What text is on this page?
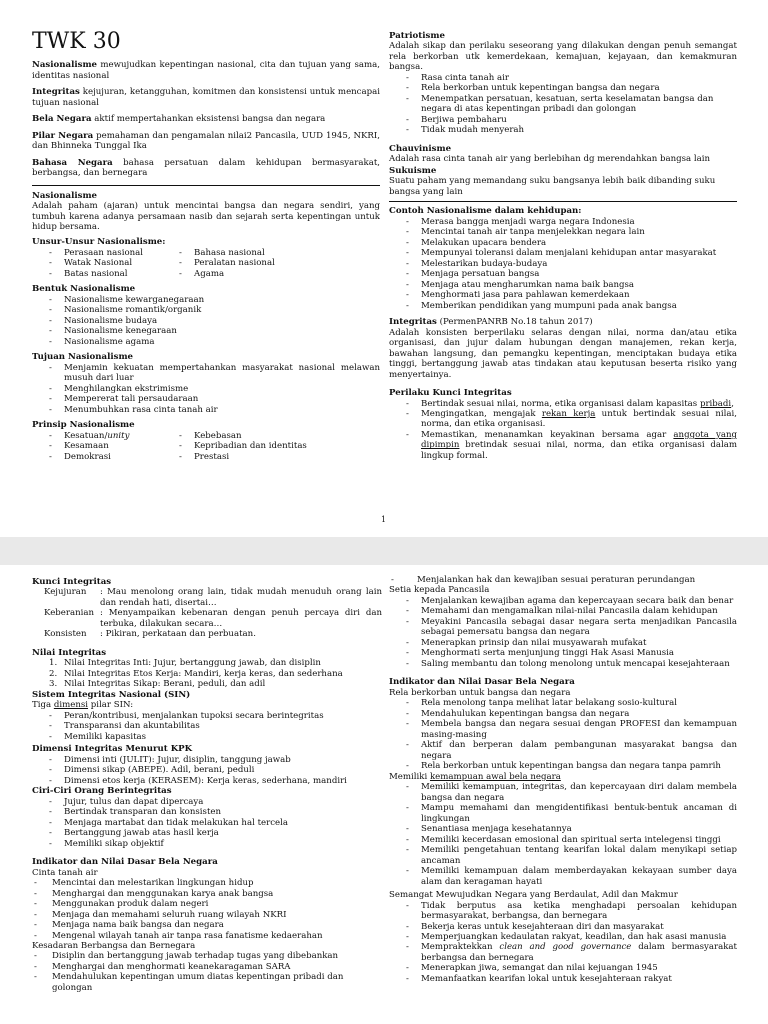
TWK 30

Nasionalisme mewujudkan kepentingan nasional, cita dan tujuan yang sama, identitas nasional

Integritas kejujuran, ketangguhan, komitmen dan konsistensi untuk mencapai tujuan nasional

Bela Negara aktif mempertahankan eksistensi bangsa dan negara

Pilar Negara pemahaman dan pengamalan nilai2 Pancasila, UUD 1945, NKRI, dan Bhinneka Tunggal Ika

Bahasa Negara bahasa persatuan dalam kehidupan bermasyarakat, berbangsa, dan bernegara

Nasionalisme
Adalah paham (ajaran) untuk mencintai bangsa dan negara sendiri, yang tumbuh karena adanya persamaan nasib dan sejarah serta kepentingan untuk hidup bersama.
Unsur-Unsur Nasionalisme:
- Perasaan nasional
- Watak Nasional
- Batas nasional
- Bahasa nasional
- Peralatan nasional
- Agama
Bentuk Nasionalisme
- Nasionalisme kewarganegaraan
- Nasionalisme romantik/organik
- Nasionalisme budaya
- Nasionalisme kenegaraan
- Nasionalisme agama
Tujuan Nasionalisme
- Menjamin kekuatan mempertahankan masyarakat nasional melawan musuh dari luar
- Menghilangkan ekstrimisme
- Mempererat tali persaudaraan
- Menumbuhkan rasa cinta tanah air
Prinsip Nasionalisme
- Kesatuan/unity
- Kesamaan
- Demokrasi
- Kebebasan
- Kepribadian dan identitas
- Prestasi
Patriotisme
Adalah sikap dan perilaku seseorang yang dilakukan dengan penuh semangat rela berkorban utk kemerdekaan, kemajuan, kejayaan, dan kemakmuran bangsa.
- Rasa cinta tanah air
- Rela berkorban untuk kepentingan bangsa dan negara
- Menempatkan persatuan, kesatuan, serta keselamatan bangsa dan negara di atas kepentingan pribadi dan golongan
- Berjiwa pembaharu
- Tidak mudah menyerah
Chauvinisme
Adalah rasa cinta tanah air yang berlebihan dg merendahkan bangsa lain
Sukuisme
Suatu paham yang memandang suku bangsanya lebih baik dibanding suku bangsa yang lain
Contoh Nasionalisme dalam kehidupan:
- Merasa bangga menjadi warga negara Indonesia
- Mencintai tanah air tanpa menjelekkan negara lain
- Melakukan upacara bendera
- Mempunyai toleransi dalam menjalani kehidupan antar masyarakat
- Melestarikan budaya-budaya
- Menjaga persatuan bangsa
- Menjaga atau mengharumkan nama baik bangsa
- Menghormati jasa para pahlawan kemerdekaan
- Memberikan pendidikan yang mumpuni pada anak bangsa
Integritas (PermenPANRB No.18 tahun 2017)
Adalah konsisten berperilaku selaras dengan nilai, norma dan/atau etika organisasi, dan jujur dalam hubungan dengan manajemen, rekan kerja, bawahan langsung, dan pemangku kepentingan, menciptakan budaya etika tinggi, bertanggung jawab atas tindakan atau keputusan beserta risiko yang menyertainya.
Perilaku Kunci Integritas
- Bertindak sesuai nilai, norma, etika organisasi dalam kapasitas pribadi,
- Mengingatkan, mengajak rekan kerja untuk bertindak sesuai nilai, norma, dan etika organisasi.
- Memastikan, menanamkan keyakinan bersama agar anggota yang dipimpin bretindak sesuai nilai, norma, dan etika organisasi dalam lingkup formal.
1
Kunci Integritas
Kejujuran	: Mau menolong orang lain, tidak mudah menuduh orang lain dan rendah hati, disertai…
Keberanian : Menyampaikan kebenaran dengan penuh percaya diri dan terbuka, dilakukan secara…
Konsisten	: Pikiran, perkataan dan perbuatan.
Nilai Integritas
1. Nilai Integritas Inti: Jujur, bertanggung jawab, dan disiplin
2. Nilai Integritas Etos Kerja: Mandiri, kerja keras, dan sederhana
3. Nilai Integritas Sikap: Berani, peduli, dan adil
Sistem Integritas Nasional (SIN)
Tiga dimensi pilar SIN:
- Peran/kontribusi, menjalankan tupoksi secara berintegritas
- Transparansi dan akuntabilitas
- Memiliki kapasitas
Dimensi Integritas Menurut KPK
- Dimensi inti (JULIT): Jujur, disiplin, tanggung jawab
- Dimensi sikap (ABEPE). Adil, berani, peduli
- Dimensi etos kerja (KERASEM): Kerja keras, sederhana, mandiri
Ciri-Ciri Orang Berintegritas
- Jujur, tulus dan dapat dipercaya
- Bertindak transparan dan konsisten
- Menjaga martabat dan tidak melakukan hal tercela
- Bertanggung jawab atas hasil kerja
- Memiliki sikap objektif
Indikator dan Nilai Dasar Bela Negara
Cinta tanah air
- Mencintai dan melestarikan lingkungan hidup
- Menghargai dan menggunakan karya anak bangsa
- Menggunakan produk dalam negeri
- Menjaga dan memahami seluruh ruang wilayah NKRI
- Menjaga nama baik bangsa dan negara
- Mengenal wilayah tanah air tanpa rasa fanatisme kedaerahan
Kesadaran Berbangsa dan Bernegara
- Disiplin dan bertanggung jawab terhadap tugas yang dibebankan
- Menghargai dan menghormati keanekaragaman SARA
- Mendahulukan kepentingan umum diatas kepentingan pribadi dan golongan
- Menjalankan hak dan kewajiban sesuai peraturan perundangan
Setia kepada Pancasila
- Menjalankan kewajiban agama dan kepercayaan secara baik dan benar
- Memahami dan mengamalkan nilai-nilai Pancasila dalam kehidupan
- Meyakini Pancasila sebagai dasar negara serta menjadikan Pancasila sebagai pemersatu bangsa dan negara
- Menerapkan prinsip dan nilai musyawarah mufakat
- Menghormati serta menjunjung tinggi Hak Asasi Manusia
- Saling membantu dan tolong menolong untuk mencapai kesejahteraan
Indikator dan Nilai Dasar Bela Negara
Rela berkorban untuk bangsa dan negara
- Rela menolong tanpa melihat latar belakang sosio-kultural
- Mendahulukan kepentingan bangsa dan negara
- Membela bangsa dan negara sesuai dengan PROFESI dan kemampuan masing-masing
- Aktif dan berperan dalam pembangunan masyarakat bangsa dan negara
- Rela berkorban untuk kepentingan bangsa dan negara tanpa pamrih
Memiliki kemampuan awal bela negara
- Memiliki kemampuan, integritas, dan kepercayaan diri dalam membela bangsa dan negara
- Mampu memahami dan mengidentifikasi bentuk-bentuk ancaman di lingkungan
- Senantiasa menjaga kesehatannya
- Memiliki kecerdasan emosional dan spiritual serta intelegensi tinggi
- Memiliki pengetahuan tentang kearifan lokal dalam menyikapi setiap ancaman
- Memiliki kemampuan dalam memberdayakan kekayaan sumber daya alam dan keragaman hayati
Semangat Mewujudkan Negara yang Berdaulat, Adil dan Makmur
- Tidak berputus asa ketika menghadapi persoalan kehidupan bermasyarakat, berbangsa, dan bernegara
- Bekerja keras untuk kesejahteraan diri dan masyarakat
- Memperjuangkan kedaulatan rakyat, keadilan, dan hak asasi manusia
- Mempraktekkan clean and good governance dalam bermasyarakat berbangsa dan bernegara
- Menerapkan jiwa, semangat dan nilai kejuangan 1945
- Memanfaatkan kearifan lokal untuk kesejahteraan rakyat
